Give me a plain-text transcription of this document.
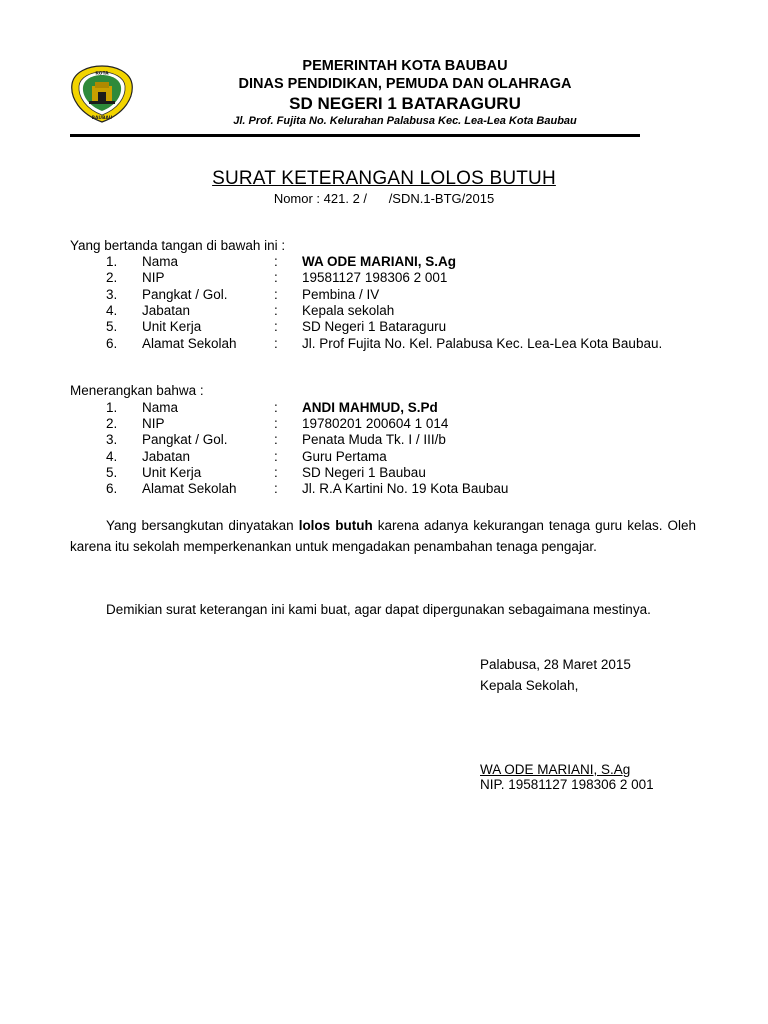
KOTA
BAUBAU
PEMERINTAH KOTA BAUBAU
DINAS PENDIDIKAN, PEMUDA DAN OLAHRAGA
SD NEGERI 1 BATARAGURU
Jl. Prof. Fujita No. Kelurahan Palabusa Kec. Lea-Lea Kota Baubau
SURAT KETERANGAN LOLOS BUTUH
Nomor : 421. 2 /      /SDN.1-BTG/2015
Yang bertanda tangan di bawah ini :
1. Nama	: WA ODE MARIANI, S.Ag
2. NIP	: 19581127 198306 2 001
3. Pangkat / Gol.	: Pembina / IV
4. Jabatan	: Kepala sekolah
5. Unit Kerja	: SD Negeri 1 Bataraguru
6. Alamat Sekolah	: Jl. Prof Fujita No. Kel. Palabusa Kec. Lea-Lea Kota Baubau.
Menerangkan bahwa :
1. Nama	: ANDI MAHMUD, S.Pd
2. NIP	: 19780201 200604 1 014
3. Pangkat / Gol.	: Penata Muda Tk. I / III/b
4. Jabatan	: Guru Pertama
5. Unit Kerja	: SD Negeri 1 Baubau
6. Alamat Sekolah	: Jl. R.A Kartini No. 19 Kota Baubau
Yang bersangkutan dinyatakan lolos butuh karena adanya kekurangan tenaga guru kelas. Oleh karena itu sekolah memperkenankan untuk mengadakan penambahan tenaga pengajar.
Demikian surat keterangan ini kami buat, agar dapat dipergunakan sebagaimana mestinya.
Palabusa, 28 Maret 2015
Kepala Sekolah,
WA ODE MARIANI, S.Ag
NIP. 19581127 198306 2 001
